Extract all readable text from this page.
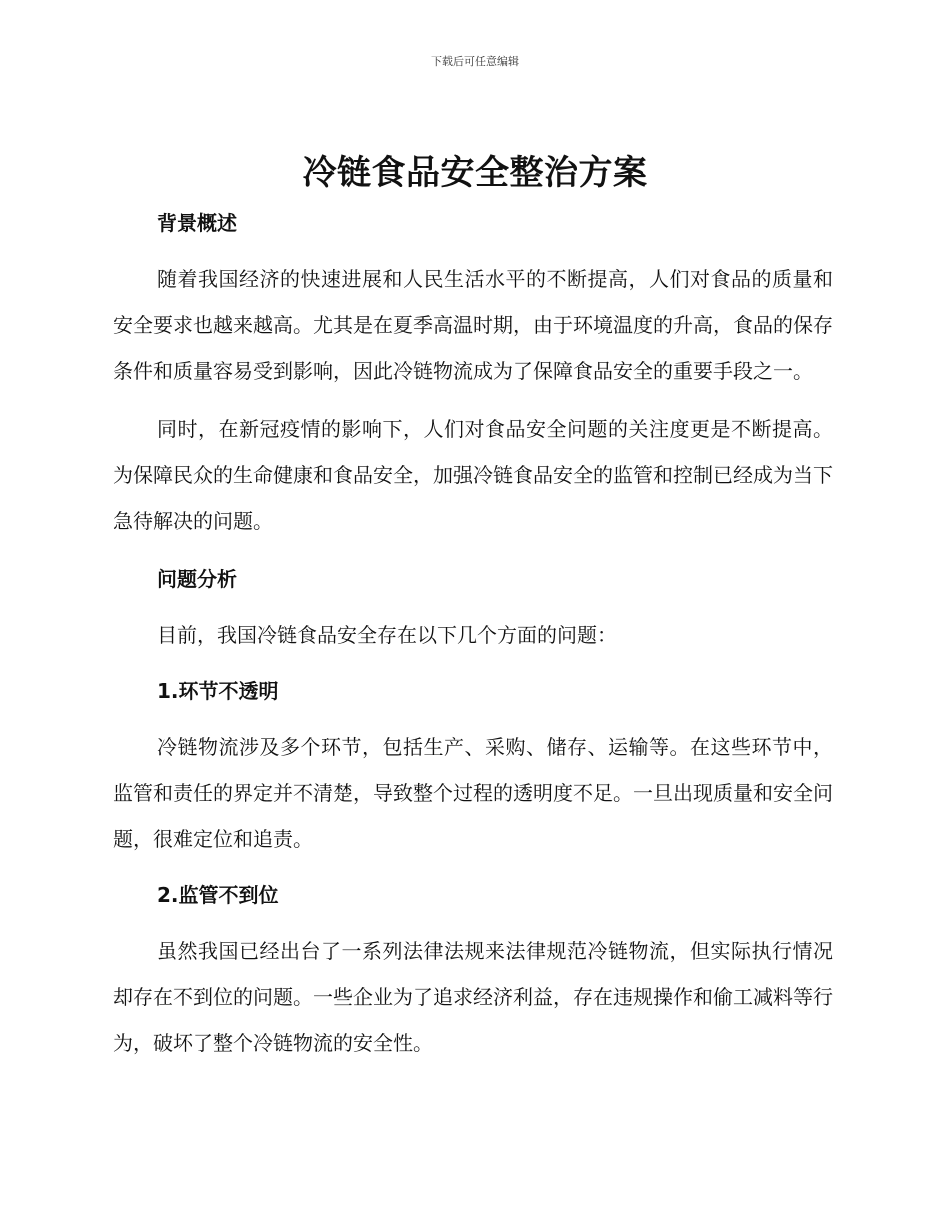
下载后可任意编辑
冷链食品安全整治方案
背景概述

随着我国经济的快速进展和人民生活水平的不断提高，人们对食品的质量和安全要求也越来越高。尤其是在夏季高温时期，由于环境温度的升高，食品的保存条件和质量容易受到影响，因此冷链物流成为了保障食品安全的重要手段之一。

同时，在新冠疫情的影响下，人们对食品安全问题的关注度更是不断提高。为保障民众的生命健康和食品安全，加强冷链食品安全的监管和控制已经成为当下急待解决的问题。

问题分析

目前，我国冷链食品安全存在以下几个方面的问题：

1.环节不透明

冷链物流涉及多个环节，包括生产、采购、储存、运输等。在这些环节中，监管和责任的界定并不清楚，导致整个过程的透明度不足。一旦出现质量和安全问题，很难定位和追责。

2.监管不到位

虽然我国已经出台了一系列法律法规来法律规范冷链物流，但实际执行情况却存在不到位的问题。一些企业为了追求经济利益，存在违规操作和偷工减料等行为，破坏了整个冷链物流的安全性。
